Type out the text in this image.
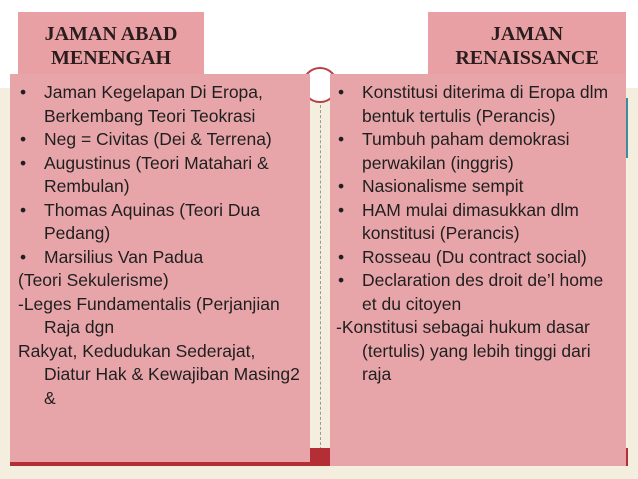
JAMAN ABAD MENENGAH
JAMAN RENAISSANCE
• Jaman Kegelapan Di Eropa, Berkembang Teori Teokrasi
• Neg = Civitas (Dei & Terrena)
• Augustinus (Teori Matahari & Rembulan)
• Thomas Aquinas (Teori Dua Pedang)
• Marsilius Van Padua

(Teori Sekulerisme)

-Leges Fundamentalis (Perjanjian Raja dgn

Rakyat, Kedudukan Sederajat, Diatur Hak & Kewajiban Masing2 &

• Konstitusi diterima di Eropa dlm bentuk tertulis (Perancis)
• Tumbuh paham demokrasi perwakilan (inggris)
• Nasionalisme sempit
• HAM mulai dimasukkan dlm konstitusi (Perancis)
• Rosseau (Du contract social)
• Declaration des droit de’l home et du citoyen

-Konstitusi sebagai hukum dasar (tertulis) yang lebih tinggi dari raja
